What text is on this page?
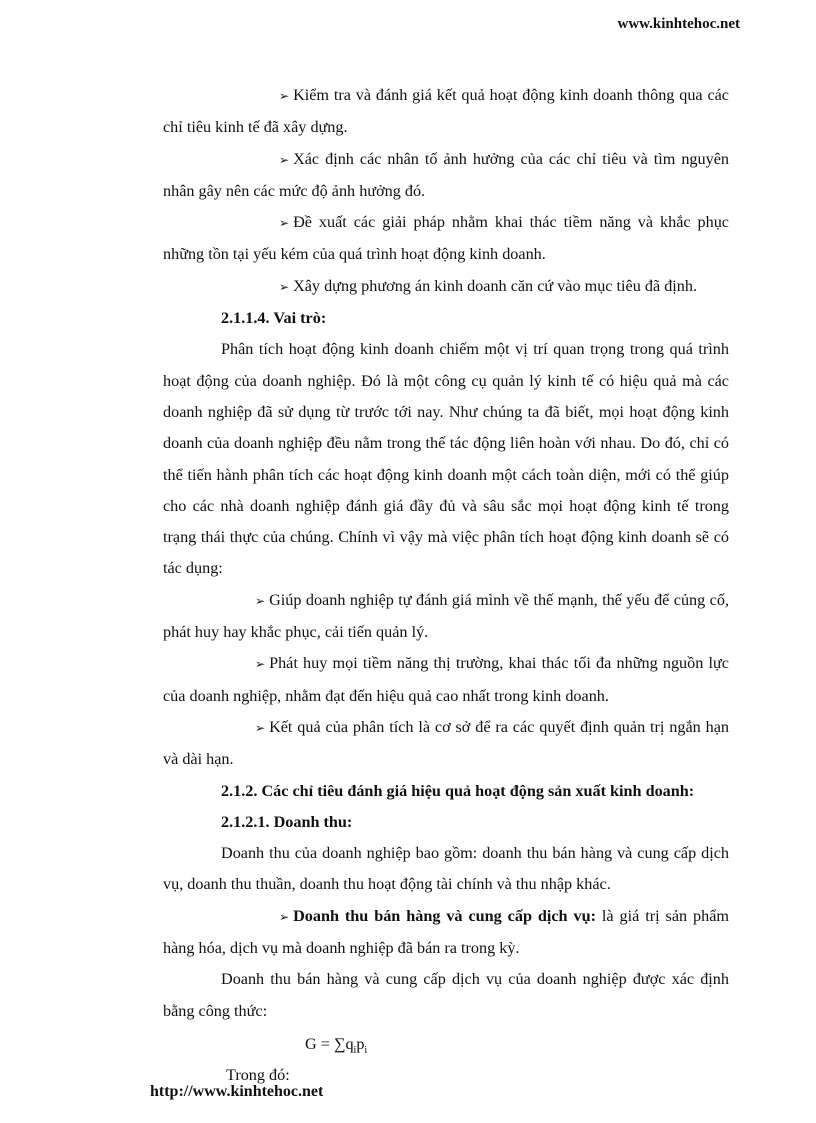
www.kinhtehoc.net

➢ Kiểm tra và đánh giá kết quả hoạt động kinh doanh thông qua các chỉ tiêu kinh tế đã xây dựng.

➢ Xác định các nhân tố ảnh hưởng của các chỉ tiêu và tìm nguyên nhân gây nên các mức độ ảnh hưởng đó.

➢ Đề xuất các giải pháp nhằm khai thác tiềm năng và khắc phục những tồn tại yếu kém của quá trình hoạt động kinh doanh.

➢ Xây dựng phương án kinh doanh căn cứ vào mục tiêu đã định.

2.1.1.4. Vai trò:

Phân tích hoạt động kinh doanh chiếm một vị trí quan trọng trong quá trình hoạt động của doanh nghiệp. Đó là một công cụ quản lý kinh tế có hiệu quả mà các doanh nghiệp đã sử dụng từ trước tới nay. Như chúng ta đã biết, mọi hoạt động kinh doanh của doanh nghiệp đều nằm trong thế tác động liên hoàn với nhau. Do đó, chỉ có thể tiến hành phân tích các hoạt động kinh doanh một cách toàn diện, mới có thể giúp cho các nhà doanh nghiệp đánh giá đầy đủ và sâu sắc mọi hoạt động kinh tế trong trạng thái thực của chúng. Chính vì vậy mà việc phân tích hoạt động kinh doanh sẽ có tác dụng:

➢ Giúp doanh nghiệp tự đánh giá mình về thế mạnh, thế yếu để củng cố, phát huy hay khắc phục, cải tiến quản lý.

➢ Phát huy mọi tiềm năng thị trường, khai thác tối đa những nguồn lực của doanh nghiệp, nhằm đạt đến hiệu quả cao nhất trong kinh doanh.

➢ Kết quả của phân tích là cơ sở để ra các quyết định quản trị ngắn hạn và dài hạn.

2.1.2. Các chỉ tiêu đánh giá hiệu quả hoạt động sản xuất kinh doanh:

2.1.2.1. Doanh thu:

Doanh thu của doanh nghiệp bao gồm: doanh thu bán hàng và cung cấp dịch vụ, doanh thu thuần, doanh thu hoạt động tài chính và thu nhập khác.

➢ Doanh thu bán hàng và cung cấp dịch vụ: là giá trị sản phẩm hàng hóa, dịch vụ mà doanh nghiệp đã bán ra trong kỳ.

Doanh thu bán hàng và cung cấp dịch vụ của doanh nghiệp được xác định bằng công thức:

$G = \sum q_ip_i$

Trong đó:
http://www.kinhtehoc.net
